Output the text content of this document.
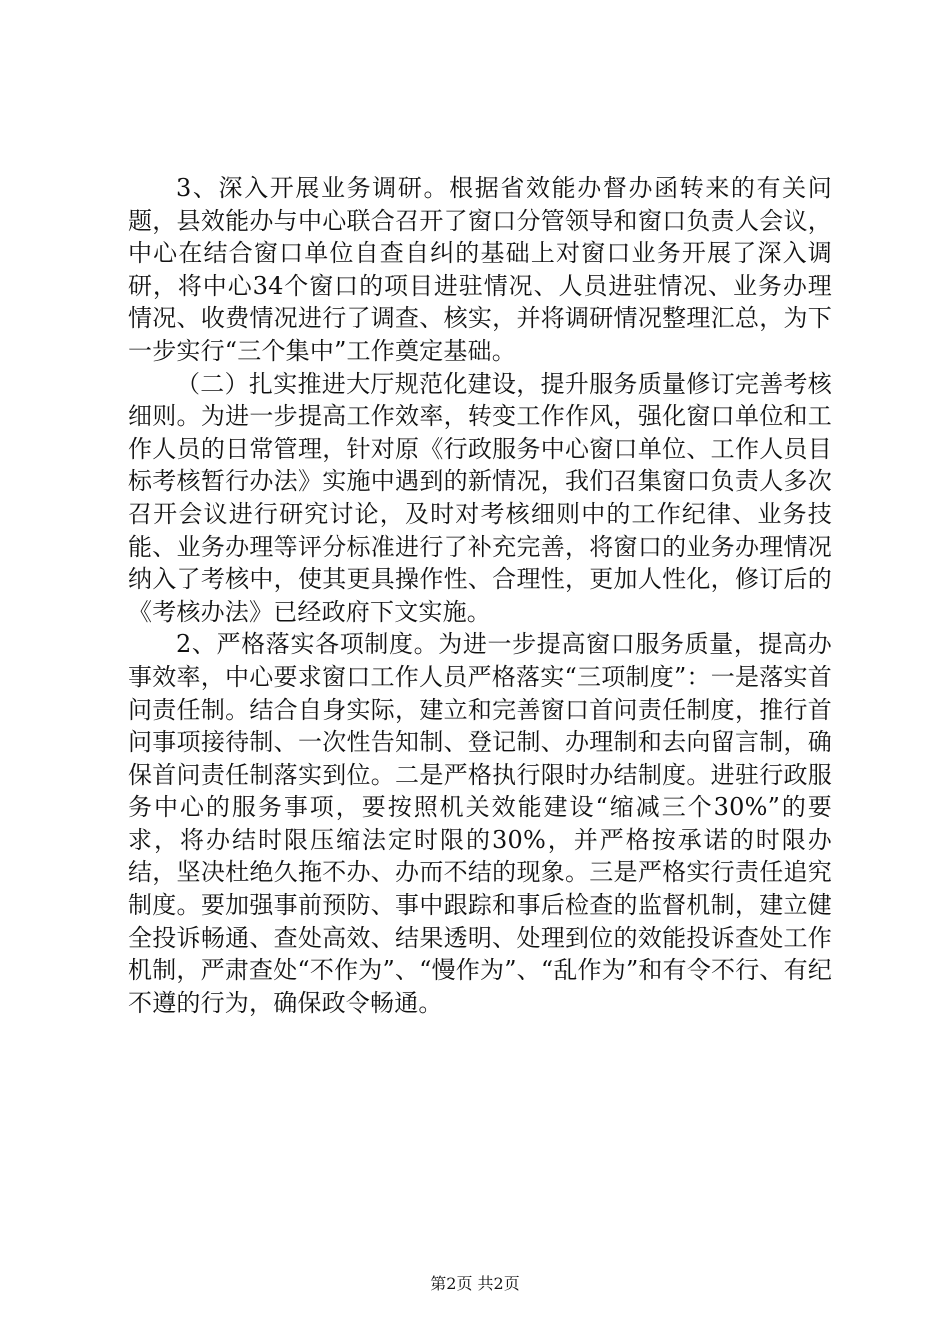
3、深入开展业务调研。根据省效能办督办函转来的有关问题，县效能办与中心联合召开了窗口分管领导和窗口负责人会议，中心在结合窗口单位自查自纠的基础上对窗口业务开展了深入调研，将中心34个窗口的项目进驻情况、人员进驻情况、业务办理情况、收费情况进行了调查、核实，并将调研情况整理汇总，为下一步实行“三个集中”工作奠定基础。

（二）扎实推进大厅规范化建设，提升服务质量修订完善考核细则。为进一步提高工作效率，转变工作作风，强化窗口单位和工作人员的日常管理，针对原《行政服务中心窗口单位、工作人员目标考核暂行办法》实施中遇到的新情况，我们召集窗口负责人多次召开会议进行研究讨论，及时对考核细则中的工作纪律、业务技能、业务办理等评分标准进行了补充完善，将窗口的业务办理情况纳入了考核中，使其更具操作性、合理性，更加人性化，修订后的《考核办法》已经政府下文实施。

2、严格落实各项制度。为进一步提高窗口服务质量，提高办事效率，中心要求窗口工作人员严格落实“三项制度”：一是落实首问责任制。结合自身实际，建立和完善窗口首问责任制度，推行首问事项接待制、一次性告知制、登记制、办理制和去向留言制，确保首问责任制落实到位。二是严格执行限时办结制度。进驻行政服务中心的服务事项，要按照机关效能建设“缩减三个30%”的要求，将办结时限压缩法定时限的30%，并严格按承诺的时限办结，坚决杜绝久拖不办、办而不结的现象。三是严格实行责任追究制度。要加强事前预防、事中跟踪和事后检查的监督机制，建立健全投诉畅通、查处高效、结果透明、处理到位的效能投诉查处工作机制，严肃查处“不作为”、“慢作为”、“乱作为”和有令不行、有纪不遵的行为，确保政令畅通。

第2页 共2页
